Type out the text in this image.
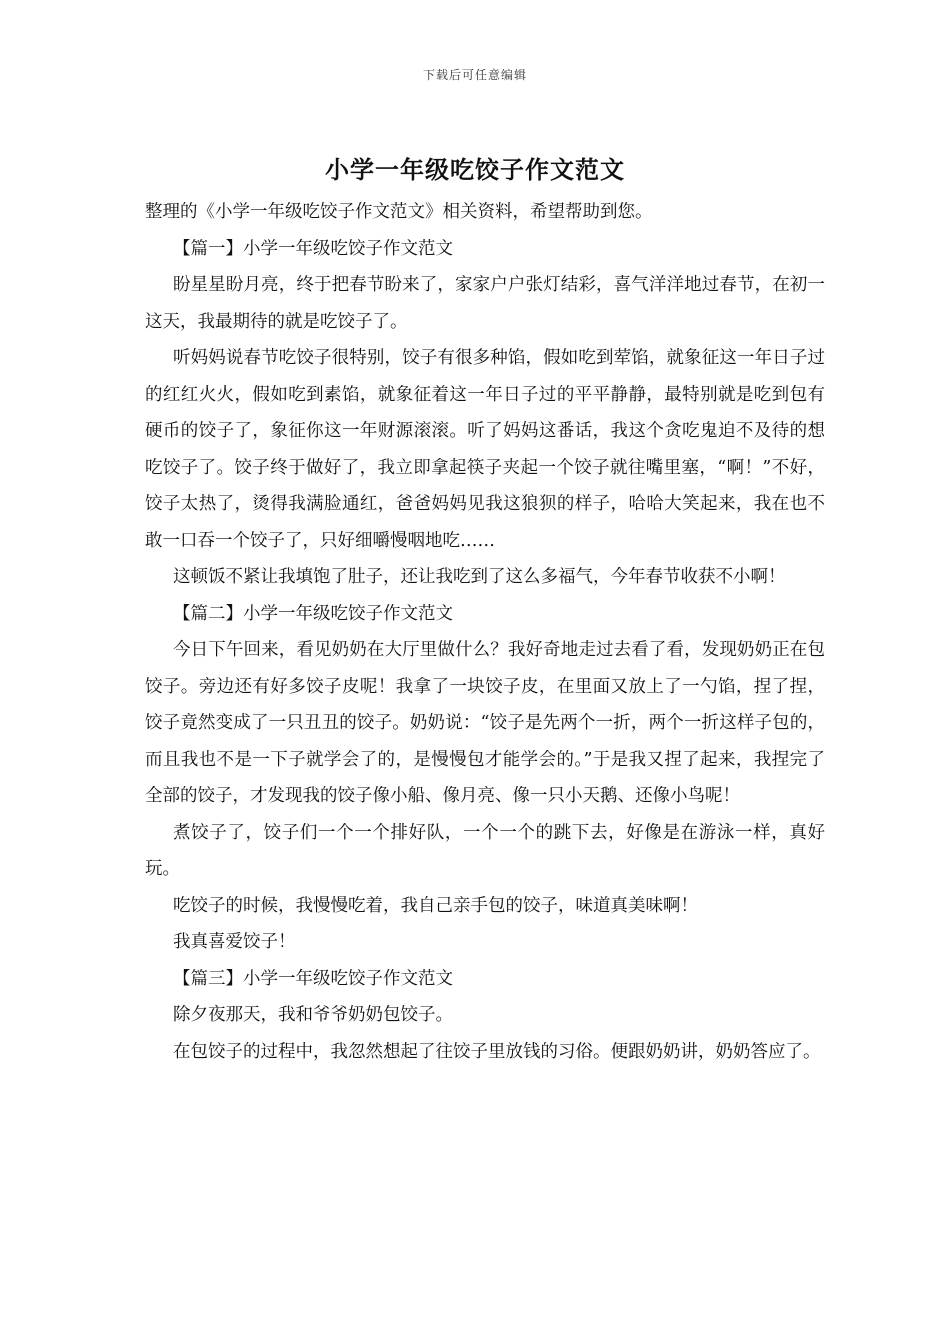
下载后可任意编辑
小学一年级吃饺子作文范文

整理的《小学一年级吃饺子作文范文》相关资料，希望帮助到您。

【篇一】小学一年级吃饺子作文范文

盼星星盼月亮，终于把春节盼来了，家家户户张灯结彩，喜气洋洋地过春节，在初一这天，我最期待的就是吃饺子了。

听妈妈说春节吃饺子很特别，饺子有很多种馅，假如吃到荤馅，就象征这一年日子过的红红火火，假如吃到素馅，就象征着这一年日子过的平平静静，最特别就是吃到包有硬币的饺子了，象征你这一年财源滚滚。听了妈妈这番话，我这个贪吃鬼迫不及待的想吃饺子了。饺子终于做好了，我立即拿起筷子夹起一个饺子就往嘴里塞，“啊！”不好，饺子太热了，烫得我满脸通红，爸爸妈妈见我这狼狈的样子，哈哈大笑起来，我在也不敢一口吞一个饺子了，只好细嚼慢咽地吃……

这顿饭不紧让我填饱了肚子，还让我吃到了这么多福气，今年春节收获不小啊！

【篇二】小学一年级吃饺子作文范文

今日下午回来，看见奶奶在大厅里做什么？我好奇地走过去看了看，发现奶奶正在包饺子。旁边还有好多饺子皮呢！我拿了一块饺子皮，在里面又放上了一勺馅，捏了捏，饺子竟然变成了一只丑丑的饺子。奶奶说：“饺子是先两个一折，两个一折这样子包的，而且我也不是一下子就学会了的，是慢慢包才能学会的。”于是我又捏了起来，我捏完了全部的饺子，才发现我的饺子像小船、像月亮、像一只小天鹅、还像小鸟呢！

煮饺子了，饺子们一个一个排好队，一个一个的跳下去，好像是在游泳一样，真好玩。

吃饺子的时候，我慢慢吃着，我自己亲手包的饺子，味道真美味啊！

我真喜爱饺子！

【篇三】小学一年级吃饺子作文范文

除夕夜那天，我和爷爷奶奶包饺子。

在包饺子的过程中，我忽然想起了往饺子里放钱的习俗。便跟奶奶讲，奶奶答应了。
